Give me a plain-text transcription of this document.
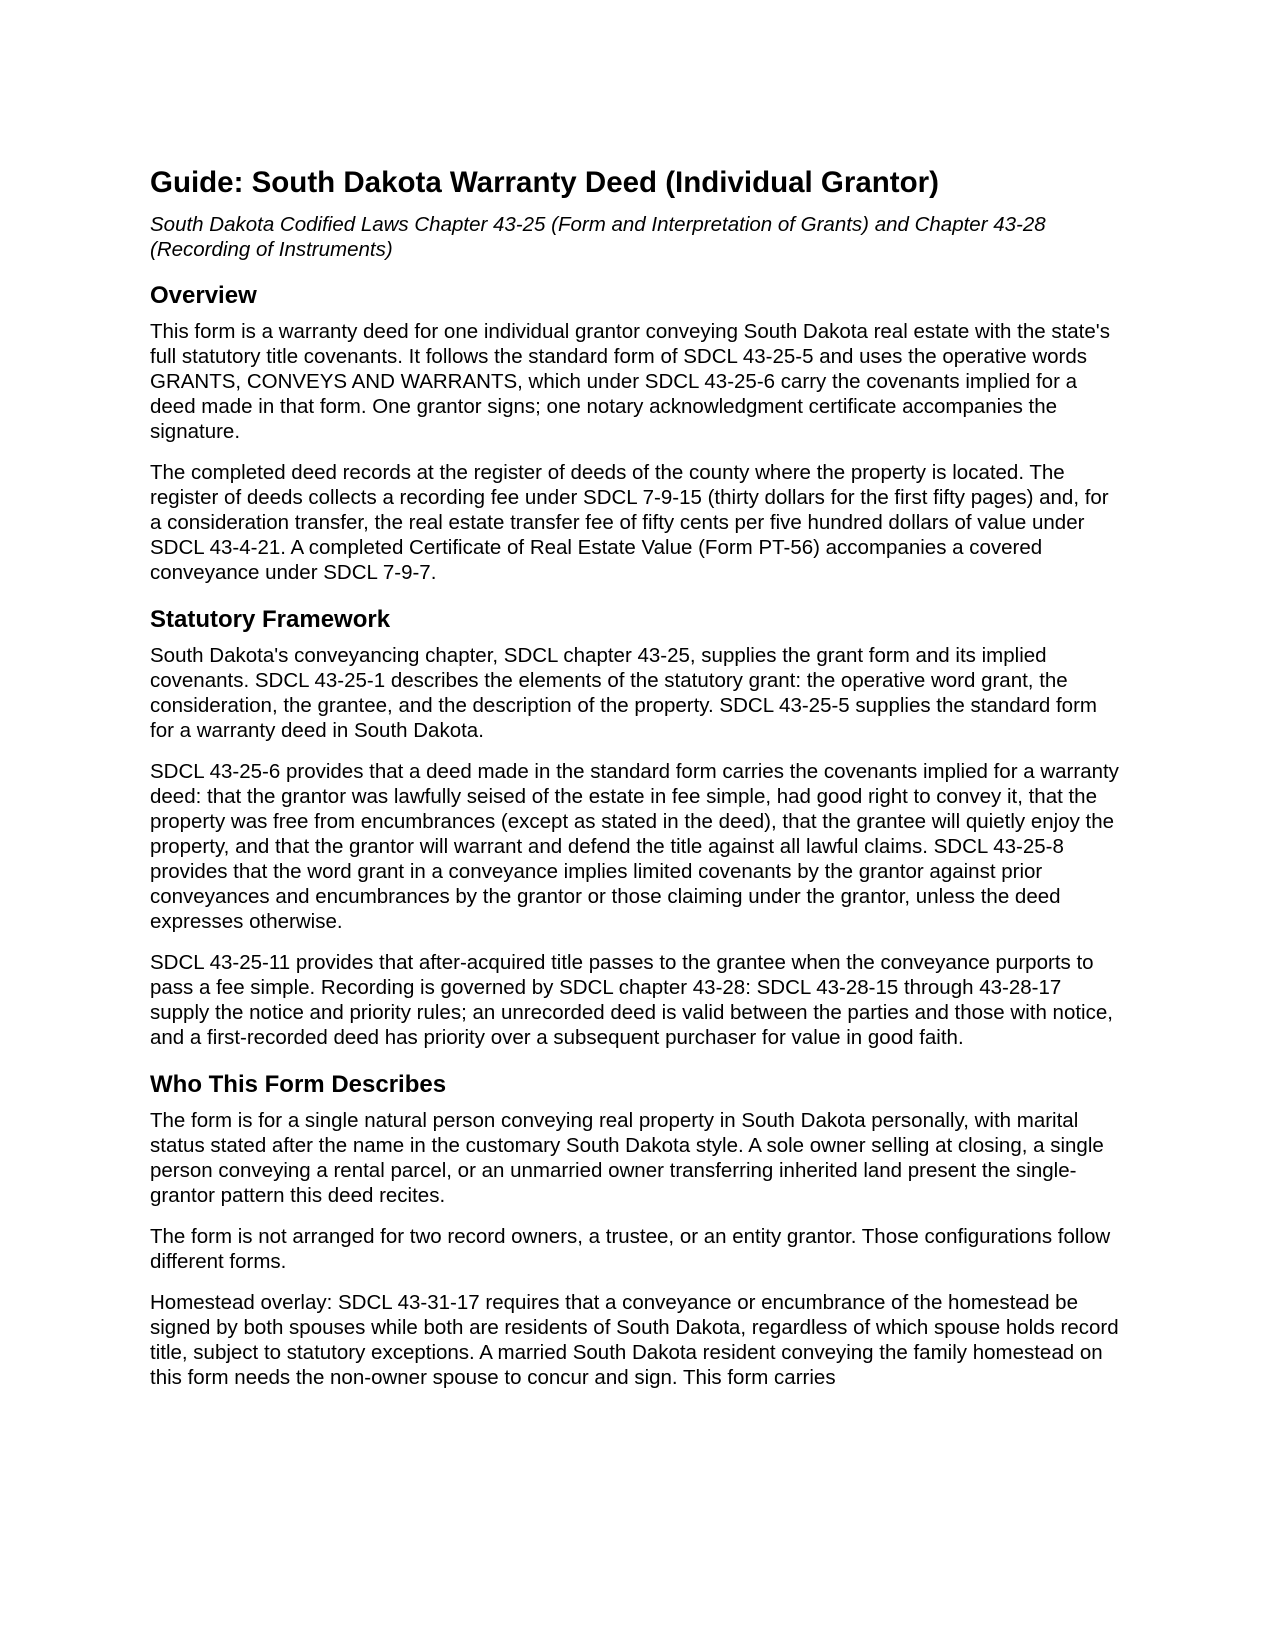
Guide: South Dakota Warranty Deed (Individual Grantor)
South Dakota Codified Laws Chapter 43-25 (Form and Interpretation of Grants) and Chapter 43-28 (Recording of Instruments)
Overview

This form is a warranty deed for one individual grantor conveying South Dakota real estate with the state's full statutory title covenants. It follows the standard form of SDCL 43-25-5 and uses the operative words GRANTS, CONVEYS AND WARRANTS, which under SDCL 43-25-6 carry the covenants implied for a deed made in that form. One grantor signs; one notary acknowledgment certificate accompanies the signature.

The completed deed records at the register of deeds of the county where the property is located. The register of deeds collects a recording fee under SDCL 7-9-15 (thirty dollars for the first fifty pages) and, for a consideration transfer, the real estate transfer fee of fifty cents per five hundred dollars of value under SDCL 43-4-21. A completed Certificate of Real Estate Value (Form PT-56) accompanies a covered conveyance under SDCL 7-9-7.

Statutory Framework

South Dakota's conveyancing chapter, SDCL chapter 43-25, supplies the grant form and its implied covenants. SDCL 43-25-1 describes the elements of the statutory grant: the operative word grant, the consideration, the grantee, and the description of the property. SDCL 43-25-5 supplies the standard form for a warranty deed in South Dakota.

SDCL 43-25-6 provides that a deed made in the standard form carries the covenants implied for a warranty deed: that the grantor was lawfully seised of the estate in fee simple, had good right to convey it, that the property was free from encumbrances (except as stated in the deed), that the grantee will quietly enjoy the property, and that the grantor will warrant and defend the title against all lawful claims. SDCL 43-25-8 provides that the word grant in a conveyance implies limited covenants by the grantor against prior conveyances and encumbrances by the grantor or those claiming under the grantor, unless the deed expresses otherwise.

SDCL 43-25-11 provides that after-acquired title passes to the grantee when the conveyance purports to pass a fee simple. Recording is governed by SDCL chapter 43-28: SDCL 43-28-15 through 43-28-17 supply the notice and priority rules; an unrecorded deed is valid between the parties and those with notice, and a first-recorded deed has priority over a subsequent purchaser for value in good faith.

Who This Form Describes

The form is for a single natural person conveying real property in South Dakota personally, with marital status stated after the name in the customary South Dakota style. A sole owner selling at closing, a single person conveying a rental parcel, or an unmarried owner transferring inherited land present the single-grantor pattern this deed recites.

The form is not arranged for two record owners, a trustee, or an entity grantor. Those configurations follow different forms.

Homestead overlay: SDCL 43-31-17 requires that a conveyance or encumbrance of the homestead be signed by both spouses while both are residents of South Dakota, regardless of which spouse holds record title, subject to statutory exceptions. A married South Dakota resident conveying the family homestead on this form needs the non-owner spouse to concur and sign. This form carries
